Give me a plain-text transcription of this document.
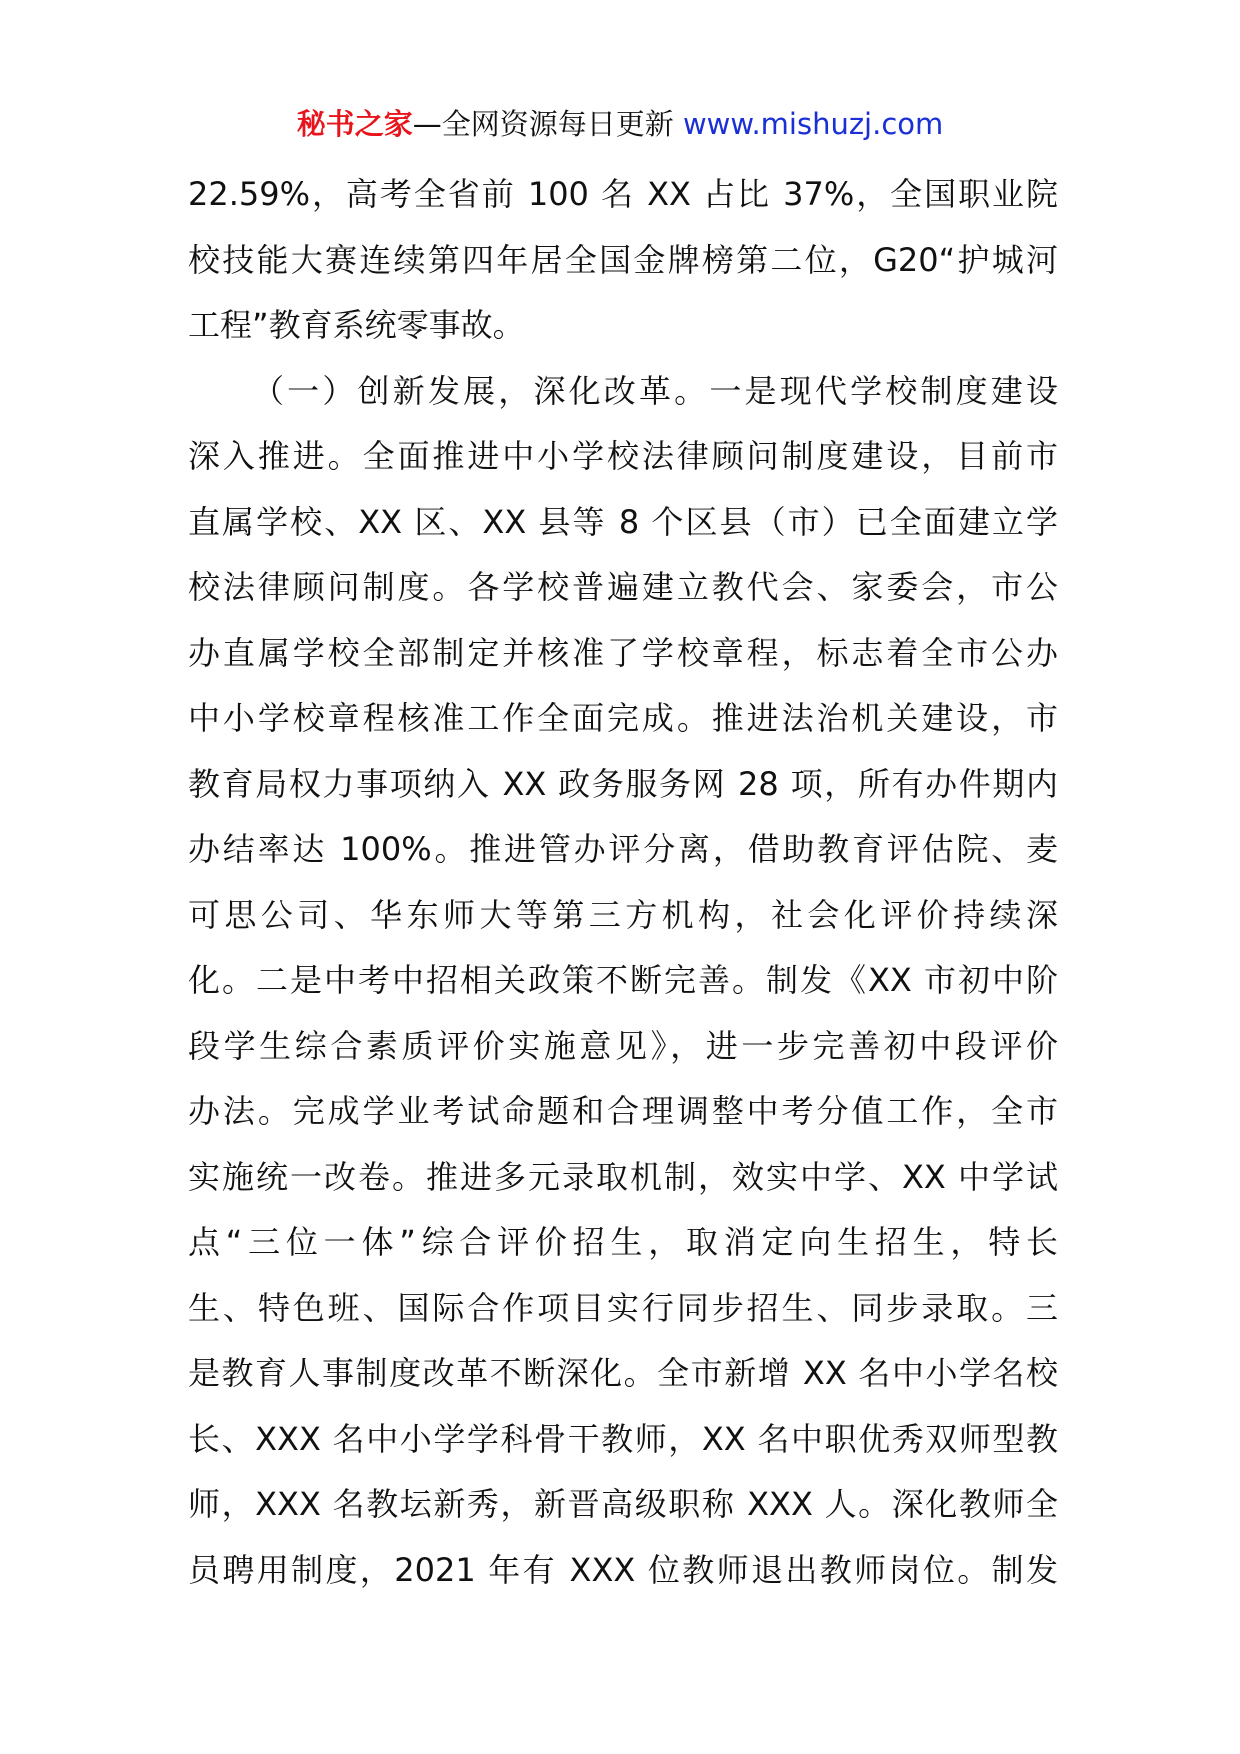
秘书之家—全网资源每日更新 www.mishuzj.com
22.59%，高考全省前 100 名 XX 占比 37%，全国职业院
校技能大赛连续第四年居全国金牌榜第二位，G20“护城河
工程”教育系统零事故。
（一）创新发展，深化改革。一是现代学校制度建设
深入推进。全面推进中小学校法律顾问制度建设，目前市
直属学校、XX 区、XX 县等 8 个区县（市）已全面建立学
校法律顾问制度。各学校普遍建立教代会、家委会，市公
办直属学校全部制定并核准了学校章程，标志着全市公办
中小学校章程核准工作全面完成。推进法治机关建设，市
教育局权力事项纳入 XX 政务服务网 28 项，所有办件期内
办结率达 100%。推进管办评分离，借助教育评估院、麦
可思公司、华东师大等第三方机构，社会化评价持续深
化。二是中考中招相关政策不断完善。制发《XX 市初中阶
段学生综合素质评价实施意见》，进一步完善初中段评价
办法。完成学业考试命题和合理调整中考分值工作，全市
实施统一改卷。推进多元录取机制，效实中学、XX 中学试
点“三位一体”综合评价招生，取消定向生招生，特长
生、特色班、国际合作项目实行同步招生、同步录取。三
是教育人事制度改革不断深化。全市新增 XX 名中小学名校
长、XXX 名中小学学科骨干教师，XX 名中职优秀双师型教
师，XXX 名教坛新秀，新晋高级职称 XXX 人。深化教师全
员聘用制度，2021 年有 XXX 位教师退出教师岗位。制发
